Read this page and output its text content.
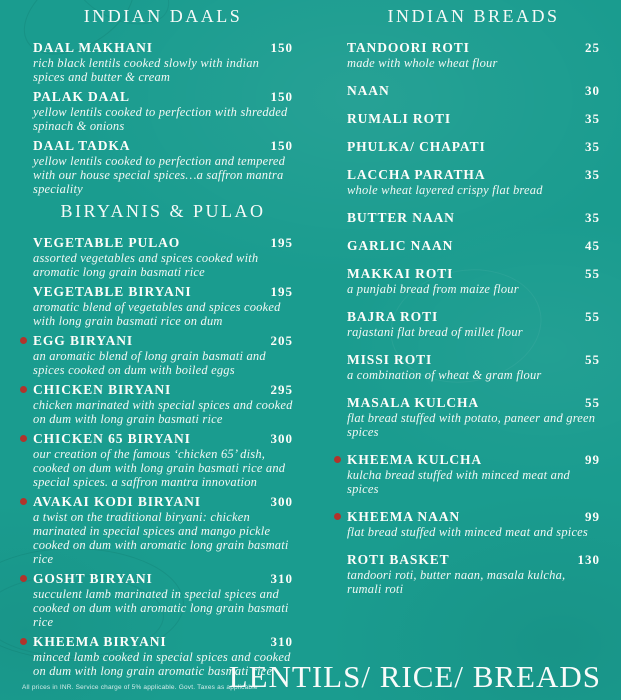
INDIAN DAALS
DAAL MAKHANI	150
rich black lentils cooked slowly with indian spices and butter & cream
PALAK DAAL	150
yellow lentils cooked to perfection with shredded spinach & onions
DAAL TADKA	150
yellow lentils cooked to perfection and tempered with our house special spices…a saffron mantra speciality
BIRYANIS & PULAO
VEGETABLE PULAO	195
assorted vegetables and spices cooked with aromatic long grain basmati rice
VEGETABLE BIRYANI	195
aromatic blend of vegetables and spices cooked with long grain basmati rice on dum
EGG BIRYANI	205
an aromatic blend of long grain basmati and spices cooked on dum with boiled eggs
CHICKEN BIRYANI	295
chicken marinated with special spices and cooked on dum with long grain basmati rice
CHICKEN 65 BIRYANI	300
our creation of the famous ‘chicken 65’ dish, cooked on dum with long grain basmati rice and special spices. a saffron mantra innovation
AVAKAI KODI BIRYANI	300
a twist on the traditional biryani: chicken marinated in special spices and mango pickle cooked on dum with aromatic long grain basmati rice
GOSHT BIRYANI	310
succulent lamb marinated in special spices and cooked on dum with aromatic long grain basmati rice
KHEEMA BIRYANI	310
minced lamb cooked in special spices and cooked on dum with long grain aromatic basmati rice
INDIAN BREADS
TANDOORI ROTI	25
made with whole wheat flour
NAAN	30
RUMALI ROTI	35
PHULKA/ CHAPATI	35
LACCHA PARATHA	35
whole wheat layered crispy flat bread
BUTTER NAAN	35
GARLIC NAAN	45
MAKKAI ROTI	55
a punjabi bread from maize flour
BAJRA ROTI	55
rajastani flat bread of millet flour
MISSI ROTI	55
a combination of wheat & gram flour
MASALA KULCHA	55
flat bread stuffed with potato, paneer and green spices
KHEEMA KULCHA	99
kulcha bread stuffed with minced meat and spices
KHEEMA NAAN	99
flat bread stuffed with minced meat and spices
ROTI BASKET	130
tandoori roti, butter naan, masala kulcha, rumali roti
LENTILS/ RICE/ BREADS
All prices in INR. Service charge of 5% applicable. Govt. Taxes as applicable
